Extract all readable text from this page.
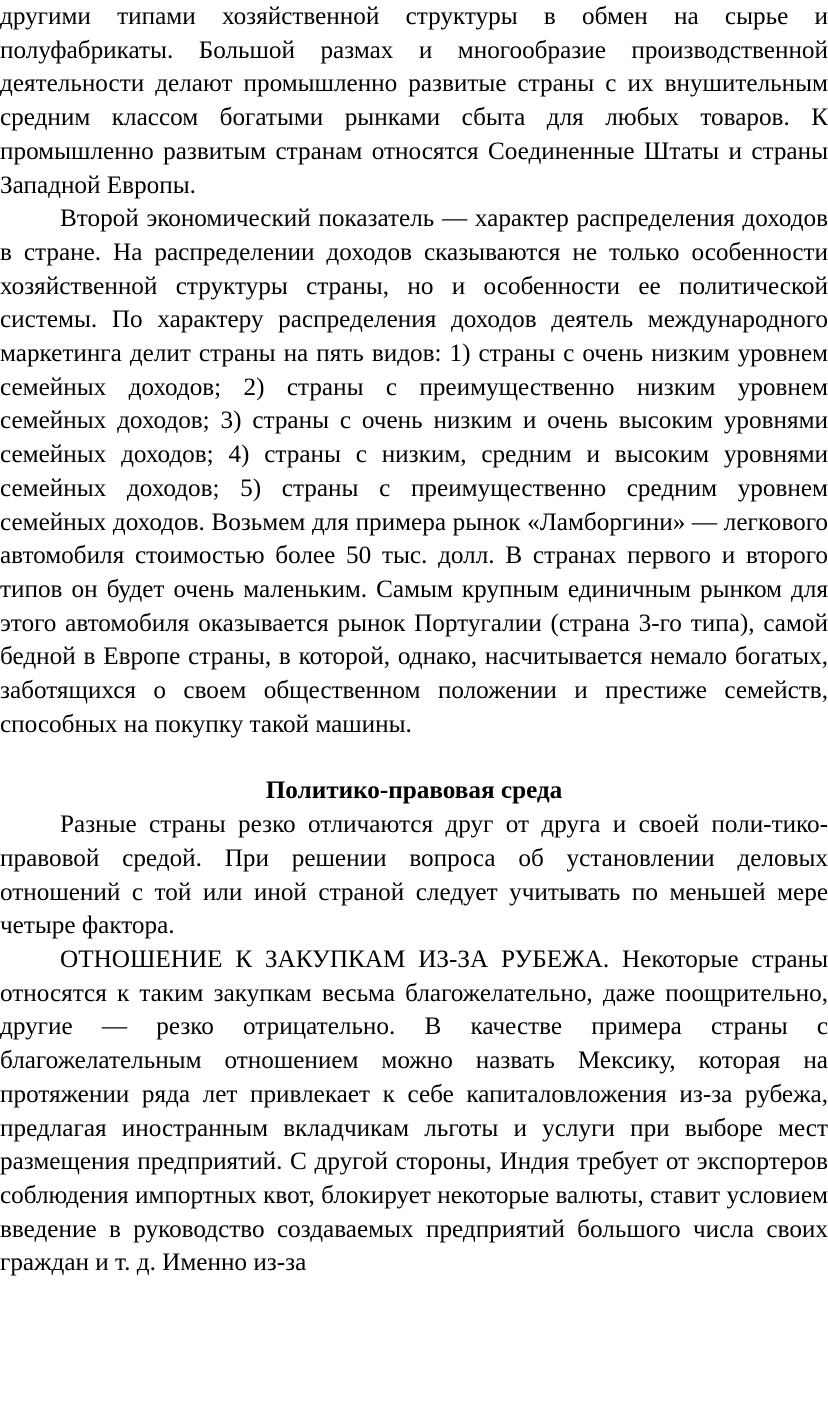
другими типами хозяйственной структуры в обмен на сырье и полуфабрикаты. Большой размах и многообразие производственной деятельности делают промышленно развитые страны с их внушительным средним классом богатыми рынками сбыта для любых товаров. К промышленно развитым странам относятся Соединенные Штаты и страны Западной Европы.

Второй экономический показатель — характер распределения доходов в стране. На распределении доходов сказываются не только особенности хозяйственной структуры страны, но и особенности ее политической системы. По характеру распределения доходов деятель международного маркетинга делит страны на пять видов: 1) страны с очень низким уровнем семейных доходов; 2) страны с преимущественно низким уровнем семейных доходов; 3) страны с очень низким и очень высоким уровнями семейных доходов; 4) страны с низким, средним и высоким уровнями семейных доходов; 5) страны с преимущественно средним уровнем семейных доходов. Возьмем для примера рынок «Ламборгини» — легкового автомобиля стоимостью более 50 тыс. долл. В странах первого и второго типов он будет очень маленьким. Самым крупным единичным рынком для этого автомобиля оказывается рынок Португалии (страна 3-го типа), самой бедной в Европе страны, в которой, однако, насчитывается немало богатых, заботящихся о своем общественном положении и престиже семейств, способных на покупку такой машины.

Политико-правовая среда

Разные страны резко отличаются друг от друга и своей поли-тико-правовой средой. При решении вопроса об установлении деловых отношений с той или иной страной следует учитывать по меньшей мере четыре фактора.

ОТНОШЕНИЕ К ЗАКУПКАМ ИЗ-ЗА РУБЕЖА. Некоторые страны относятся к таким закупкам весьма благожелательно, даже поощрительно, другие — резко отрицательно. В качестве примера страны с благожелательным отношением можно назвать Мексику, которая на протяжении ряда лет привлекает к себе капиталовложения из-за рубежа, предлагая иностранным вкладчикам льготы и услуги при выборе мест размещения предприятий. С другой стороны, Индия требует от экспортеров соблюдения импортных квот, блокирует некоторые валюты, ставит условием введение в руководство создаваемых предприятий большого числа своих граждан и т. д. Именно из-за
